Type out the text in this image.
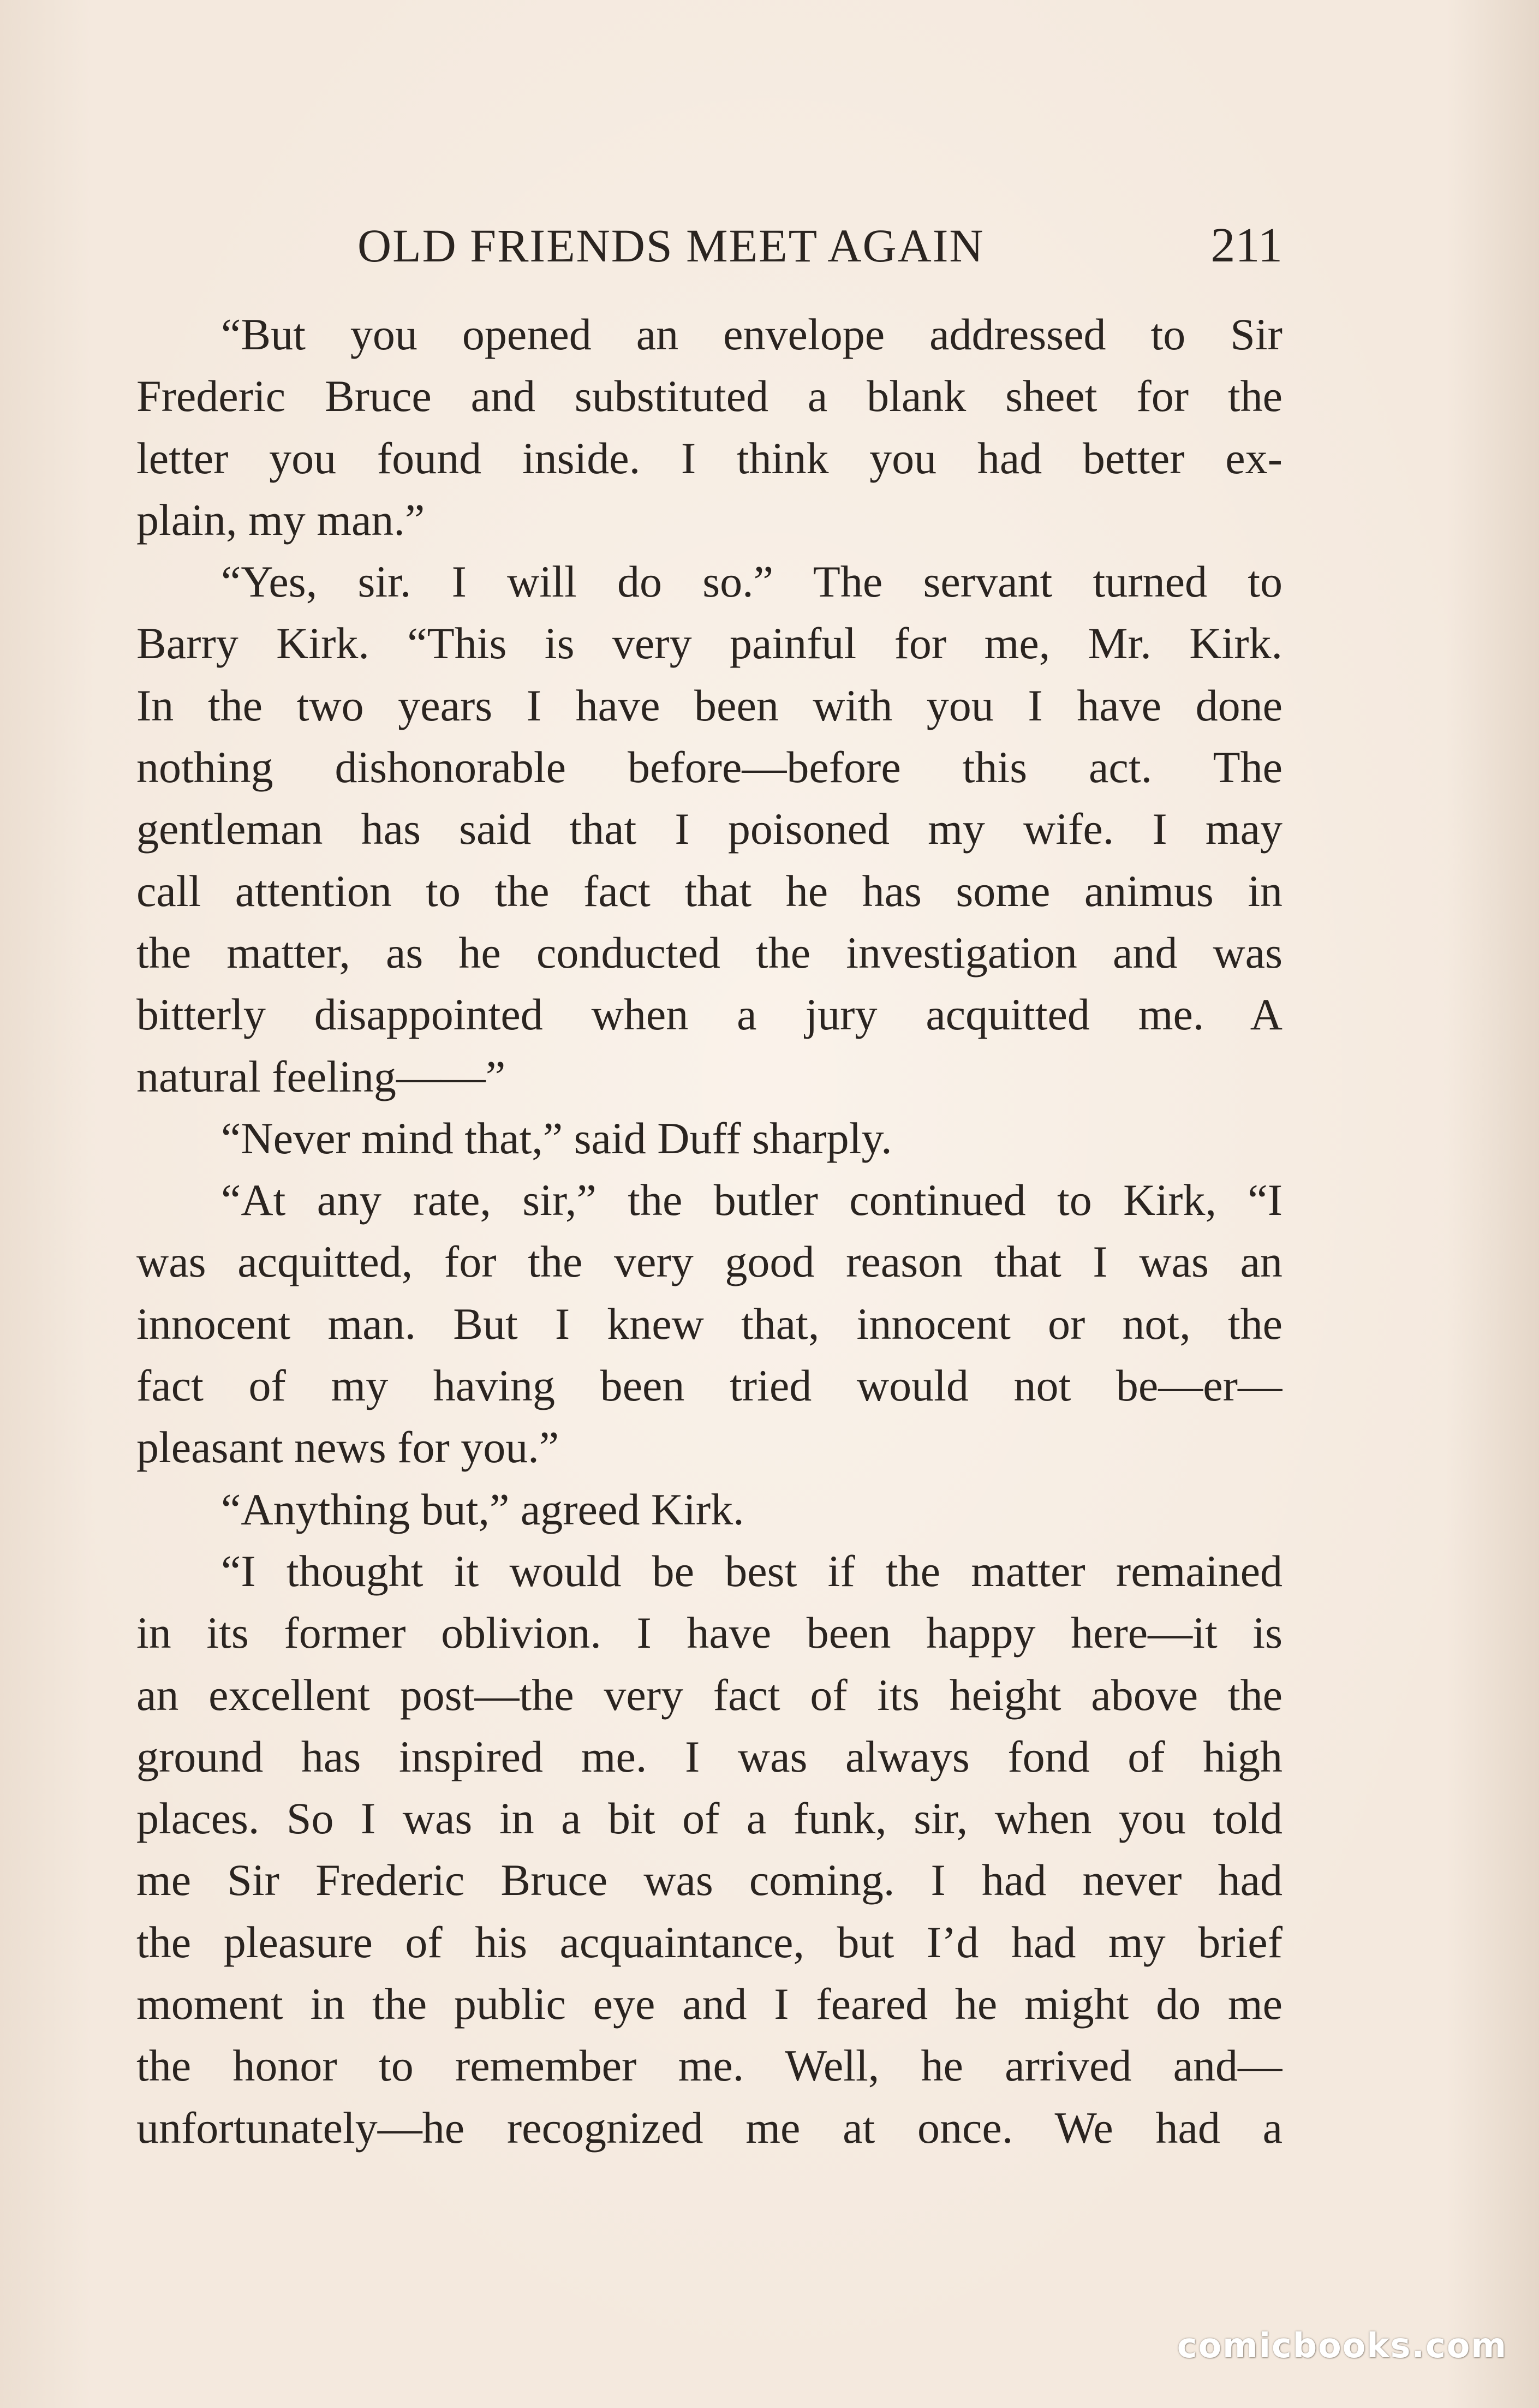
OLD FRIENDS MEET AGAIN	211
“But you opened an envelope addressed to Sir
Frederic Bruce and substituted a blank sheet for the
letter you found inside. I think you had better ex-
plain, my man.”
“Yes, sir. I will do so.” The servant turned to
Barry Kirk. “This is very painful for me, Mr. Kirk.
In the two years I have been with you I have done
nothing dishonorable before—before this act. The
gentleman has said that I poisoned my wife. I may
call attention to the fact that he has some animus in
the matter, as he conducted the investigation and was
bitterly disappointed when a jury acquitted me. A
natural feeling——”
“Never mind that,” said Duff sharply.
“At any rate, sir,” the butler continued to Kirk, “I
was acquitted, for the very good reason that I was an
innocent man. But I knew that, innocent or not, the
fact of my having been tried would not be—er—
pleasant news for you.”
“Anything but,” agreed Kirk.
“I thought it would be best if the matter remained
in its former oblivion. I have been happy here—it is
an excellent post—the very fact of its height above the
ground has inspired me. I was always fond of high
places. So I was in a bit of a funk, sir, when you told
me Sir Frederic Bruce was coming. I had never had
the pleasure of his acquaintance, but I’d had my brief
moment in the public eye and I feared he might do me
the honor to remember me. Well, he arrived and—
unfortunately—he recognized me at once. We had a
comicbooks.com
